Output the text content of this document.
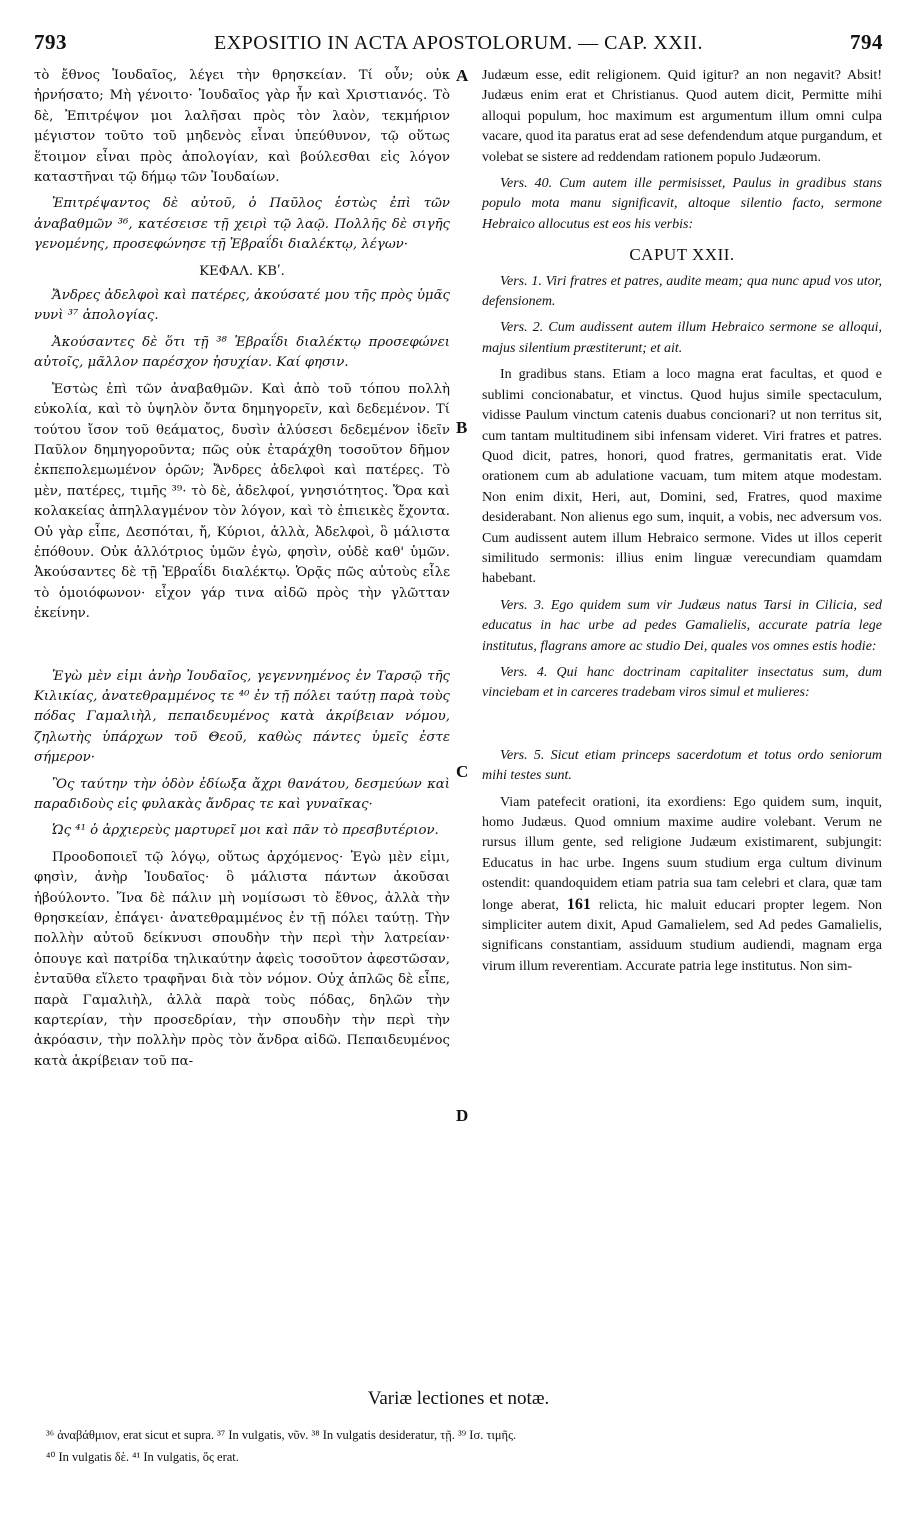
793	EXPOSITIO IN ACTA APOSTOLORUM. — CAP. XXII.	794

τὸ ἔθνος Ἰουδαῖος, λέγει τὴν θρησκείαν. Τί οὖν; οὐκ ἠρνήσατο; Μὴ γένοιτο· Ἰουδαῖος γὰρ ἦν καὶ Χριστιανός. Τὸ δὲ, Ἐπιτρέψον μοι λαλῆσαι πρὸς τὸν λαὸν, τεκμήριον μέγιστον τοῦτο τοῦ μηδενὸς εἶναι ὑπεύθυνον, τῷ οὕτως ἕτοιμον εἶναι πρὸς ἀπολογίαν, καὶ βούλεσθαι εἰς λόγον καταστῆναι τῷ δήμῳ τῶν Ἰουδαίων.

Ἐπιτρέψαντος δὲ αὐτοῦ, ὁ Παῦλος ἑστὼς ἐπὶ τῶν ἀναβαθμῶν ³⁶, κατέσεισε τῇ χειρὶ τῷ λαῷ. Πολλῆς δὲ σιγῆς γενομένης, προσεφώνησε τῇ Ἑβραΐδι διαλέκτῳ, λέγων·

ΚΕΦΑΛ. ΚΒʹ.

Ἄνδρες ἀδελφοὶ καὶ πατέρες, ἀκούσατέ μου τῆς πρὸς ὑμᾶς νυνὶ ³⁷ ἀπολογίας.

Ἀκούσαντες δὲ ὅτι τῇ ³⁸ Ἑβραΐδι διαλέκτῳ προσεφώνει αὐτοῖς, μᾶλλον παρέσχον ἡσυχίαν. Καί φησιν.

Ἑστὼς ἐπὶ τῶν ἀναβαθμῶν. Καὶ ἀπὸ τοῦ τόπου πολλὴ εὐκολία, καὶ τὸ ὑψηλὸν ὄντα δημηγορεῖν, καὶ δεδεμένον. Τί τούτου ἴσον τοῦ θεάματος, δυσὶν ἁλύσεσι δεδεμένον ἰδεῖν Παῦλον δημηγοροῦντα; πῶς οὐκ ἐταράχθη τοσοῦτον δῆμον ἐκπεπολεμωμένον ὁρῶν; Ἄνδρες ἀδελφοὶ καὶ πατέρες. Τὸ μὲν, πατέρες, τιμῆς ³⁹· τὸ δὲ, ἀδελφοί, γνησιότητος. Ὅρα καὶ κολακείας ἀπηλλαγμένον τὸν λόγον, καὶ τὸ ἐπιεικὲς ἔχοντα. Οὐ γὰρ εἶπε, Δεσπόται, ἤ, Κύριοι, ἀλλὰ, Ἀδελφοὶ, ὃ μάλιστα ἐπόθουν. Οὐκ ἀλλότριος ὑμῶν ἐγὼ, φησὶν, οὐδὲ καθ' ὑμῶν. Ἀκούσαντες δὲ τῇ Ἑβραΐδι διαλέκτῳ. Ὁρᾷς πῶς αὐτοὺς εἷλε τὸ ὁμοιόφωνον· εἶχον γάρ τινα αἰδῶ πρὸς τὴν γλῶτταν ἐκείνην.

Ἐγὼ μὲν εἰμι ἀνὴρ Ἰουδαῖος, γεγεννημένος ἐν Ταρσῷ τῆς Κιλικίας, ἀνατεθραμμένος τε ⁴⁰ ἐν τῇ πόλει ταύτῃ παρὰ τοὺς πόδας Γαμαλιὴλ, πεπαιδευμένος κατὰ ἀκρίβειαν νόμου, ζηλωτὴς ὑπάρχων τοῦ Θεοῦ, καθὼς πάντες ὑμεῖς ἐστε σήμερον·

Ὃς ταύτην τὴν ὁδὸν ἐδίωξα ἄχρι θανάτου, δεσμεύων καὶ παραδιδοὺς εἰς φυλακὰς ἄνδρας τε καὶ γυναῖκας·

Ὡς ⁴¹ ὁ ἀρχιερεὺς μαρτυρεῖ μοι καὶ πᾶν τὸ πρεσβυτέριον.

Προοδοποιεῖ τῷ λόγῳ, οὕτως ἀρχόμενος· Ἐγὼ μὲν εἰμι, φησὶν, ἀνὴρ Ἰουδαῖος· ὃ μάλιστα πάντων ἀκοῦσαι ἠβούλοντο. Ἵνα δὲ πάλιν μὴ νομίσωσι τὸ ἔθνος, ἀλλὰ τὴν θρησκείαν, ἐπάγει· ἀνατεθραμμένος ἐν τῇ πόλει ταύτῃ. Τὴν πολλὴν αὐτοῦ δείκνυσι σπουδὴν τὴν περὶ τὴν λατρείαν· ὁπουγε καὶ πατρίδα τηλικαύτην ἀφεὶς τοσοῦτον ἀφεστῶσαν, ἐνταῦθα εἵλετο τραφῆναι διὰ τὸν νόμον. Οὐχ ἁπλῶς δὲ εἶπε, παρὰ Γαμαλιὴλ, ἀλλὰ παρὰ τοὺς πόδας, δηλῶν τὴν καρτερίαν, τὴν προσεδρίαν, τὴν σπουδὴν τὴν περὶ τὴν ἀκρόασιν, τὴν πολλὴν πρὸς τὸν ἄνδρα αἰδῶ. Πεπαιδευμένος κατὰ ἀκρίβειαν τοῦ πα-

A
B
C
D

Judæum esse, edit religionem. Quid igitur? an non negavit? Absit! Judæus enim erat et Christianus. Quod autem dicit, Permitte mihi alloqui populum, hoc maximum est argumentum illum omni culpa vacare, quod ita paratus erat ad sese defendendum atque purgandum, et volebat se sistere ad reddendam rationem populo Judæorum.

Vers. 40. Cum autem ille permisisset, Paulus in gradibus stans populo mota manu significavit, altoque silentio facto, sermone Hebraico allocutus est eos his verbis:

CAPUT XXII.

Vers. 1. Viri fratres et patres, audite meam; qua nunc apud vos utor, defensionem.

Vers. 2. Cum audissent autem illum Hebraico sermone se alloqui, majus silentium præstiterunt; et ait.

In gradibus stans. Etiam a loco magna erat facultas, et quod e sublimi concionabatur, et vinctus. Quod hujus simile spectaculum, vidisse Paulum vinctum catenis duabus concionari? ut non territus sit, cum tantam multitudinem sibi infensam videret. Viri fratres et patres. Quod dicit, patres, honori, quod fratres, germanitatis erat. Vide orationem cum ab adulatione vacuam, tum mitem atque modestam. Non enim dixit, Heri, aut, Domini, sed, Fratres, quod maxime desiderabant. Non alienus ego sum, inquit, a vobis, nec adversum vos. Cum audissent autem illum Hebraico sermone. Vides ut illos ceperit similitudo sermonis: illius enim linguæ verecundiam quamdam habebant.

Vers. 3. Ego quidem sum vir Judæus natus Tarsi in Cilicia, sed educatus in hac urbe ad pedes Gamalielis, accurate patria lege institutus, flagrans amore ac studio Dei, quales vos omnes estis hodie:

Vers. 4. Qui hanc doctrinam capitaliter insectatus sum, dum vinciebam et in carceres tradebam viros simul et mulieres:

Vers. 5. Sicut etiam princeps sacerdotum et totus ordo seniorum mihi testes sunt.

Viam patefecit orationi, ita exordiens: Ego quidem sum, inquit, homo Judæus. Quod omnium maxime audire volebant. Verum ne rursus illum gente, sed religione Judæum existimarent, subjungit: Educatus in hac urbe. Ingens suum studium erga cultum divinum ostendit: quandoquidem etiam patria sua tam celebri et clara, quæ tam longe aberat, 161 relicta, hic maluit educari propter legem. Non simpliciter autem dixit, Apud Gamalielem, sed Ad pedes Gamalielis, significans constantiam, assiduum studium audiendi, magnam erga virum illum reverentiam. Accurate patria lege institutus. Non sim-

Variæ lectiones et notæ.
³⁶ ἀναβάθμιον, erat sicut et supra. ³⁷ In vulgatis, νῦν. ³⁸ In vulgatis desideratur, τῇ. ³⁹ Ισ. τιμῆς.
⁴⁰ In vulgatis δὲ. ⁴¹ In vulgatis, ὅς erat.
